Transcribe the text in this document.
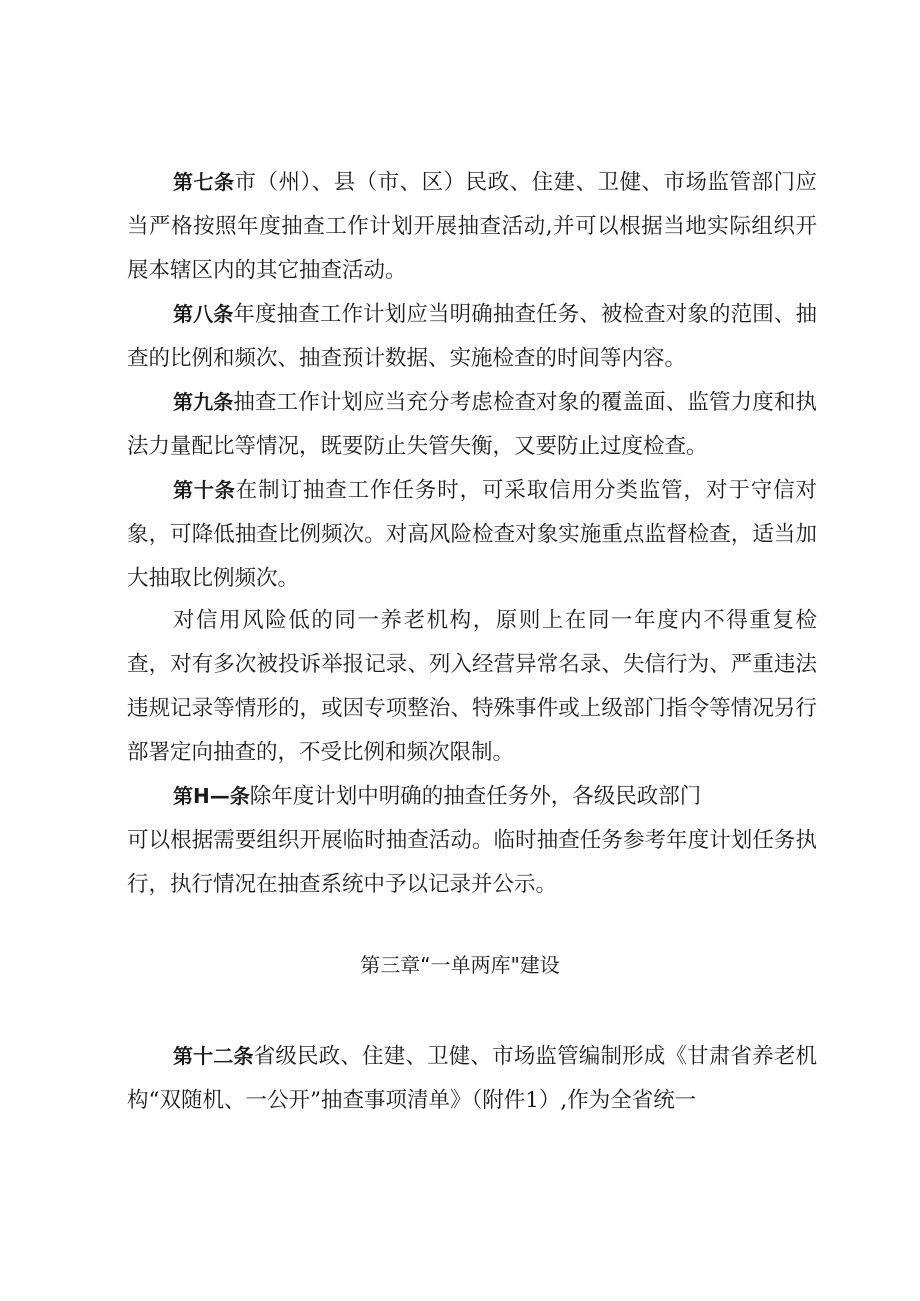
第七条市（州）、县（市、区）民政、住建、卫健、市场监管部门应当严格按照年度抽查工作计划开展抽查活动,并可以根据当地实际组织开展本辖区内的其它抽查活动。

第八条年度抽查工作计划应当明确抽查任务、被检查对象的范围、抽查的比例和频次、抽查预计数据、实施检查的时间等内容。

第九条抽查工作计划应当充分考虑检查对象的覆盖面、监管力度和执法力量配比等情况，既要防止失管失衡，又要防止过度检查。

第十条在制订抽查工作任务时，可采取信用分类监管，对于守信对象，可降低抽查比例频次。对高风险检查对象实施重点监督检查，适当加大抽取比例频次。

对信用风险低的同一养老机构，原则上在同一年度内不得重复检查，对有多次被投诉举报记录、列入经营异常名录、失信行为、严重违法违规记录等情形的，或因专项整治、特殊事件或上级部门指令等情况另行部署定向抽查的，不受比例和频次限制。

第H—条除年度计划中明确的抽查任务外，各级民政部门
可以根据需要组织开展临时抽查活动。临时抽查任务参考年度计划任务执行，执行情况在抽查系统中予以记录并公示。

第三章“一单两库"建设

第十二条省级民政、住建、卫健、市场监管编制形成《甘肃省养老机构“双随机、一公开”抽查事项清单》（附件1）,作为全省统一
